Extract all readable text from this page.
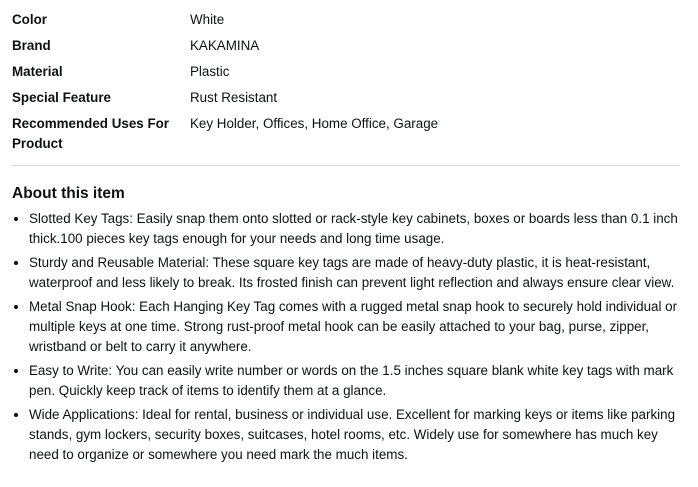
Color	White
Brand	KAKAMINA
Material	Plastic
Special Feature	Rust Resistant
Recommended Uses For Product	Key Holder, Offices, Home Office, Garage
About this item
• Slotted Key Tags: Easily snap them onto slotted or rack-style key cabinets, boxes or boards less than 0.1 inch thick.100 pieces key tags enough for your needs and long time usage.
• Sturdy and Reusable Material: These square key tags are made of heavy-duty plastic, it is heat-resistant, waterproof and less likely to break. Its frosted finish can prevent light reflection and always ensure clear view.
• Metal Snap Hook: Each Hanging Key Tag comes with a rugged metal snap hook to securely hold individual or multiple keys at one time. Strong rust-proof metal hook can be easily attached to your bag, purse, zipper, wristband or belt to carry it anywhere.
• Easy to Write: You can easily write number or words on the 1.5 inches square blank white key tags with mark pen. Quickly keep track of items to identify them at a glance.
• Wide Applications: Ideal for rental, business or individual use. Excellent for marking keys or items like parking stands, gym lockers, security boxes, suitcases, hotel rooms, etc. Widely use for somewhere has much key need to organize or somewhere you need mark the much items.
